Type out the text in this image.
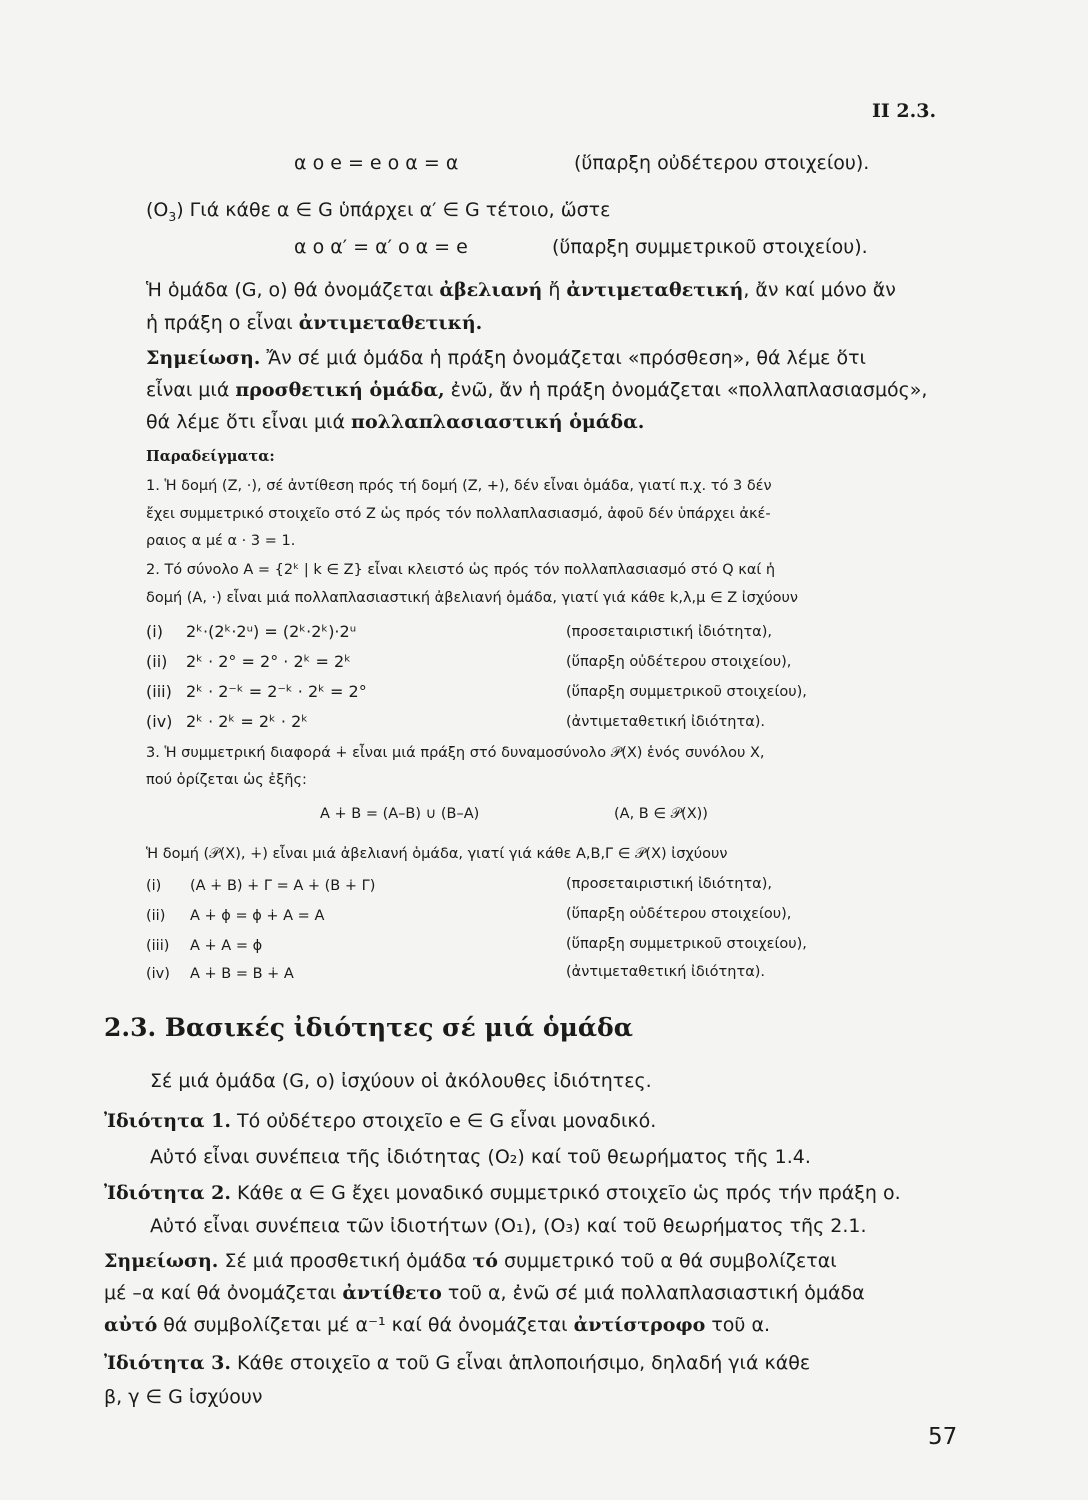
II 2.3.
α ο e = e ο α = α	(ὕπαρξη οὐδέτερου στοιχείου).
$(O_3)$ Γιά κάθε α ∈ G ὑπάρχει α′ ∈ G τέτοιο, ὥστε
α ο α′ = α′ ο α = e	(ὕπαρξη συμμετρικοῦ στοιχείου).
Ἡ ὁμάδα (G, ο) θά ὀνομάζεται ἀβελιανή ἤ ἀντιμεταθετική, ἄν καί μόνο ἄν
ἡ πράξη ο εἶναι ἀντιμεταθετική.
Σημείωση. Ἄν σέ μιά ὁμάδα ἡ πράξη ὀνομάζεται «πρόσθεση», θά λέμε ὅτι
εἶναι μιά προσθετική ὁμάδα, ἐνῶ, ἄν ἡ πράξη ὀνομάζεται «πολλαπλασιασμός»,
θά λέμε ὅτι εἶναι μιά πολλαπλασιαστική ὁμάδα.
Παραδείγματα:
1. Ἡ δομή (Z, ·), σέ ἀντίθεση πρός τή δομή (Z, +), δέν εἶναι ὁμάδα, γιατί π.χ. τό 3 δέν
ἔχει συμμετρικό στοιχεῖο στό Z ὡς πρός τόν πολλαπλασιασμό, ἀφοῦ δέν ὑπάρχει ἀκέ-
ραιος α μέ α · 3 = 1.
2. Τό σύνολο A = {2ᵏ | k ∈ Z} εἶναι κλειστό ὡς πρός τόν πολλαπλασιασμό στό Q καί ἡ
δομή (A, ·) εἶναι μιά πολλαπλασιαστική ἀβελιανή ὁμάδα, γιατί γιά κάθε k,λ,μ ∈ Z ἰσχύουν
(i) 2ᵏ·(2ᵏ·2ᵘ) = (2ᵏ·2ᵏ)·2ᵘ	(προσεταιριστική ἰδιότητα),
(ii) 2ᵏ · 2° = 2° · 2ᵏ = 2ᵏ	(ὕπαρξη οὐδέτερου στοιχείου),
(iii) 2ᵏ · 2⁻ᵏ = 2⁻ᵏ · 2ᵏ = 2°	(ὕπαρξη συμμετρικοῦ στοιχείου),
(iv) 2ᵏ · 2ᵏ = 2ᵏ · 2ᵏ	(ἀντιμεταθετική ἰδιότητα).
3. Ἡ συμμετρική διαφορά ∔ εἶναι μιά πράξη στό δυναμοσύνολο 𝒫(X) ἑνός συνόλου X,
πού ὁρίζεται ὡς ἑξῆς:
A ∔ B = (A–B) ∪ (B–A)	(A, B ∈ 𝒫(X))
Ἡ δομή (𝒫(X), ∔) εἶναι μιά ἀβελιανή ὁμάδα, γιατί γιά κάθε A,B,Γ ∈ 𝒫(X) ἰσχύουν
(i) (A ∔ B) ∔ Γ = A ∔ (B ∔ Γ)	(προσεταιριστική ἰδιότητα),
(ii) A ∔ ϕ = ϕ ∔ A = A	(ὕπαρξη οὐδέτερου στοιχείου),
(iii) A ∔ A = ϕ	(ὕπαρξη συμμετρικοῦ στοιχείου),
(iv) A ∔ B = B ∔ A	(ἀντιμεταθετική ἰδιότητα).
2.3. Βασικές ἰδιότητες σέ μιά ὁμάδα
Σέ μιά ὁμάδα (G, ο) ἰσχύουν οἱ ἀκόλουθες ἰδιότητες.
Ἰδιότητα 1. Τό οὐδέτερο στοιχεῖο e ∈ G εἶναι μοναδικό.
Αὐτό εἶναι συνέπεια τῆς ἰδιότητας (O₂) καί τοῦ θεωρήματος τῆς 1.4.
Ἰδιότητα 2. Κάθε α ∈ G ἔχει μοναδικό συμμετρικό στοιχεῖο ὡς πρός τήν πράξη ο.
Αὐτό εἶναι συνέπεια τῶν ἰδιοτήτων (O₁), (O₃) καί τοῦ θεωρήματος τῆς 2.1.
Σημείωση. Σέ μιά προσθετική ὁμάδα τό συμμετρικό τοῦ α θά συμβολίζεται
μέ –α καί θά ὀνομάζεται ἀντίθετο τοῦ α, ἐνῶ σέ μιά πολλαπλασιαστική ὁμάδα
αὐτό θά συμβολίζεται μέ α⁻¹ καί θά ὀνομάζεται ἀντίστροφο τοῦ α.
Ἰδιότητα 3. Κάθε στοιχεῖο α τοῦ G εἶναι ἁπλοποιήσιμο, δηλαδή γιά κάθε
β, γ ∈ G ἰσχύουν
57
